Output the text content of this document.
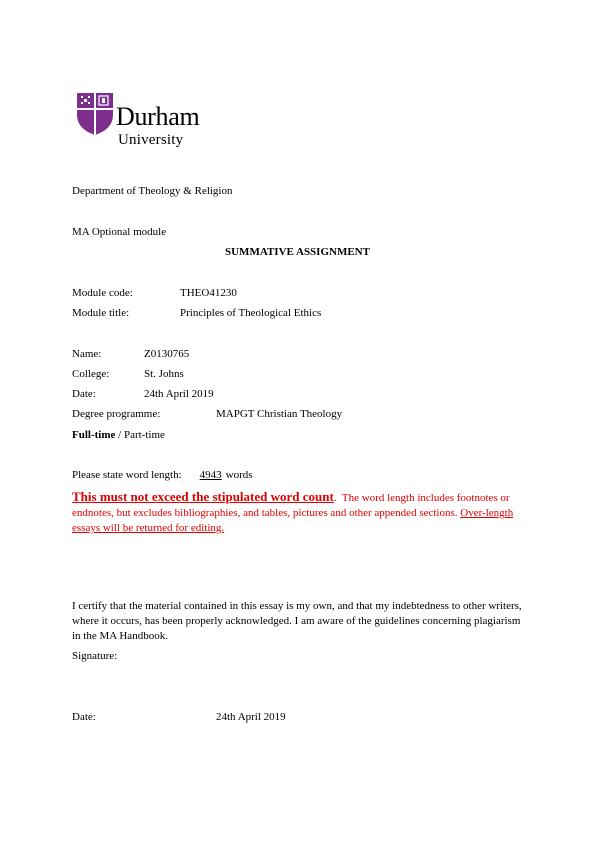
Durham
University
Department of Theology & Religion
MA Optional module
SUMMATIVE ASSIGNMENT
Module code:	THEO41230
Module title:	Principles of Theological Ethics
Name:	Z0130765
College:	St. Johns
Date:	24th April 2019
Degree programme:	MAPGT Christian Theology
Full-time / Part-time
Please state word length: 4943 words
This must not exceed the stipulated word count.  The word length includes footnotes or endnotes, but excludes bibliographies, and tables, pictures and other appended sections. Over-length essays will be returned for editing.
I certify that the material contained in this essay is my own, and that my indebtedness to other writers, where it occurs, has been properly acknowledged. I am aware of the guidelines concerning plagiarism in the MA Handbook.
Signature:
Date:	24th April 2019
